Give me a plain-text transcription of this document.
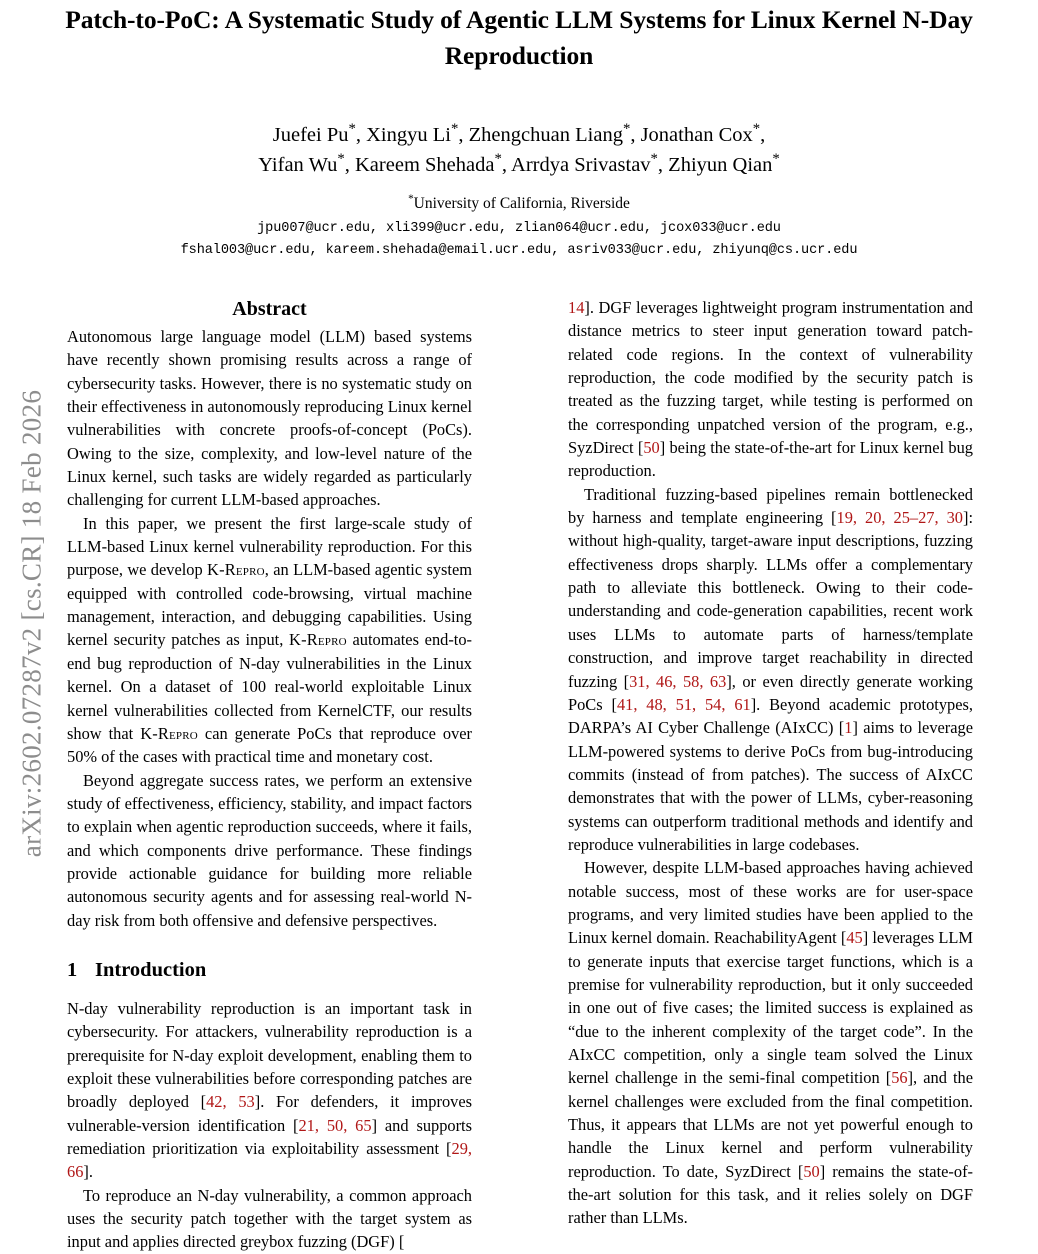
arXiv:2602.07287v2 [cs.CR] 18 Feb 2026
Patch-to-PoC: A Systematic Study of Agentic LLM Systems for Linux Kernel N-Day Reproduction
Juefei Pu*, Xingyu Li*, Zhengchuan Liang*, Jonathan Cox*,
Yifan Wu*, Kareem Shehada*, Arrdya Srivastav*, Zhiyun Qian*
*University of California, Riverside
jpu007@ucr.edu, xli399@ucr.edu, zlian064@ucr.edu, jcox033@ucr.edu
fshal003@ucr.edu, kareem.shehada@email.ucr.edu, asriv033@ucr.edu, zhiyunq@cs.ucr.edu
Abstract

Autonomous large language model (LLM) based systems have recently shown promising results across a range of cybersecurity tasks. However, there is no systematic study on their effectiveness in autonomously reproducing Linux kernel vulnerabilities with concrete proofs-of-concept (PoCs). Owing to the size, complexity, and low-level nature of the Linux kernel, such tasks are widely regarded as particularly challenging for current LLM-based approaches.

In this paper, we present the first large-scale study of LLM-based Linux kernel vulnerability reproduction. For this purpose, we develop K-Repro, an LLM-based agentic system equipped with controlled code-browsing, virtual machine management, interaction, and debugging capabilities. Using kernel security patches as input, K-Repro automates end-to-end bug reproduction of N-day vulnerabilities in the Linux kernel. On a dataset of 100 real-world exploitable Linux kernel vulnerabilities collected from KernelCTF, our results show that K-Repro can generate PoCs that reproduce over 50% of the cases with practical time and monetary cost.

Beyond aggregate success rates, we perform an extensive study of effectiveness, efficiency, stability, and impact factors to explain when agentic reproduction succeeds, where it fails, and which components drive performance. These findings provide actionable guidance for building more reliable autonomous security agents and for assessing real-world N-day risk from both offensive and defensive perspectives.

1 Introduction

N-day vulnerability reproduction is an important task in cybersecurity. For attackers, vulnerability reproduction is a prerequisite for N-day exploit development, enabling them to exploit these vulnerabilities before corresponding patches are broadly deployed [42, 53]. For defenders, it improves vulnerable-version identification [21, 50, 65] and supports remediation prioritization via exploitability assessment [29, 66].

To reproduce an N-day vulnerability, a common approach uses the security patch together with the target system as input and applies directed greybox fuzzing (DGF) [

14]. DGF leverages lightweight program instrumentation and distance metrics to steer input generation toward patch-related code regions. In the context of vulnerability reproduction, the code modified by the security patch is treated as the fuzzing target, while testing is performed on the corresponding unpatched version of the program, e.g., SyzDirect [50] being the state-of-the-art for Linux kernel bug reproduction.

Traditional fuzzing-based pipelines remain bottlenecked by harness and template engineering [19, 20, 25–27, 30]: without high-quality, target-aware input descriptions, fuzzing effectiveness drops sharply. LLMs offer a complementary path to alleviate this bottleneck. Owing to their code-understanding and code-generation capabilities, recent work uses LLMs to automate parts of harness/template construction, and improve target reachability in directed fuzzing [31, 46, 58, 63], or even directly generate working PoCs [41, 48, 51, 54, 61]. Beyond academic prototypes, DARPA’s AI Cyber Challenge (AIxCC) [1] aims to leverage LLM-powered systems to derive PoCs from bug-introducing commits (instead of from patches). The success of AIxCC demonstrates that with the power of LLMs, cyber-reasoning systems can outperform traditional methods and identify and reproduce vulnerabilities in large codebases.

However, despite LLM-based approaches having achieved notable success, most of these works are for user-space programs, and very limited studies have been applied to the Linux kernel domain. ReachabilityAgent [45] leverages LLM to generate inputs that exercise target functions, which is a premise for vulnerability reproduction, but it only succeeded in one out of five cases; the limited success is explained as “due to the inherent complexity of the target code”. In the AIxCC competition, only a single team solved the Linux kernel challenge in the semi-final competition [56], and the kernel challenges were excluded from the final competition. Thus, it appears that LLMs are not yet powerful enough to handle the Linux kernel and perform vulnerability reproduction. To date, SyzDirect [50] remains the state-of-the-art solution for this task, and it relies solely on DGF rather than LLMs.
